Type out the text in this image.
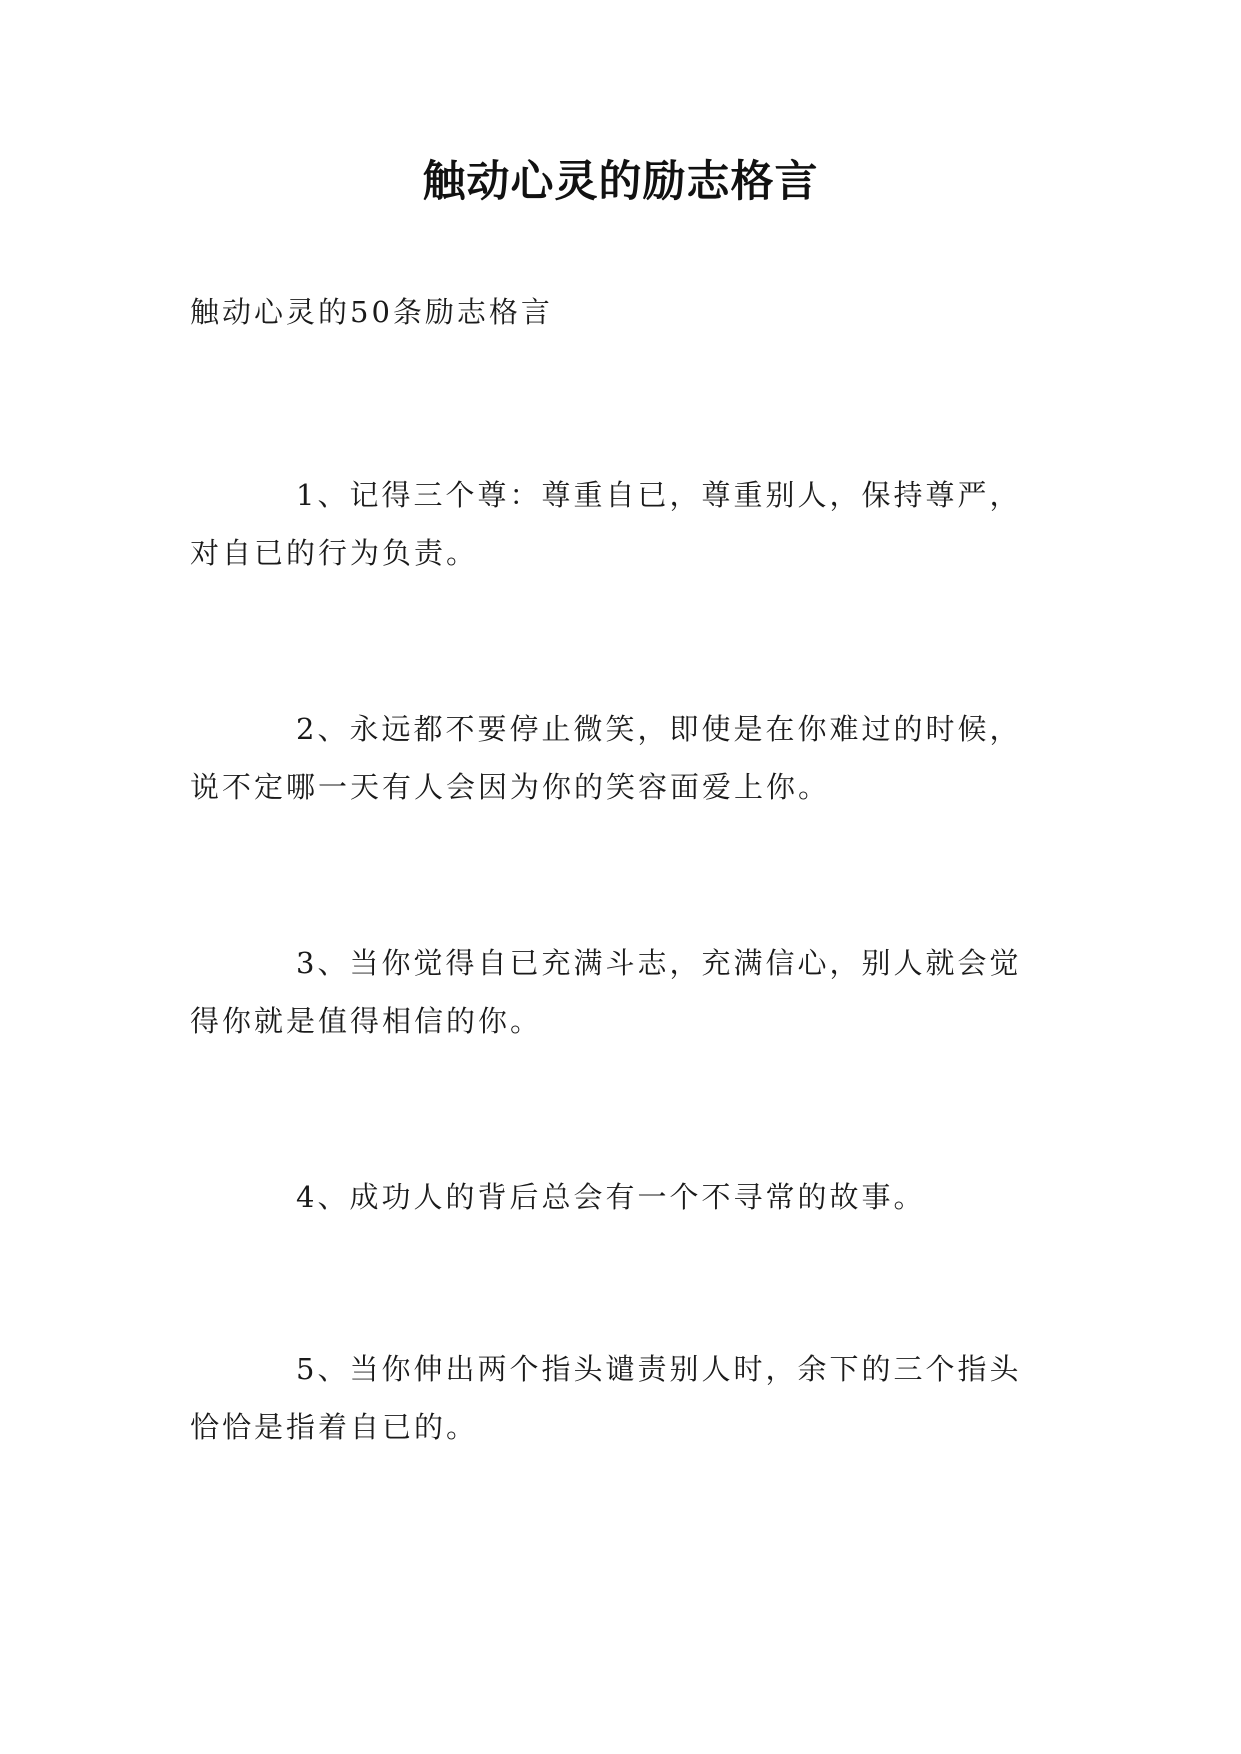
触动心灵的励志格言
触动心灵的50条励志格言
1、记得三个尊：尊重自已，尊重别人，保持尊严，
对自已的行为负责。
2、永远都不要停止微笑，即使是在你难过的时候，
说不定哪一天有人会因为你的笑容面爱上你。
3、当你觉得自已充满斗志，充满信心，别人就会觉
得你就是值得相信的你。
4、成功人的背后总会有一个不寻常的故事。
5、当你伸出两个指头谴责别人时，余下的三个指头
恰恰是指着自已的。
